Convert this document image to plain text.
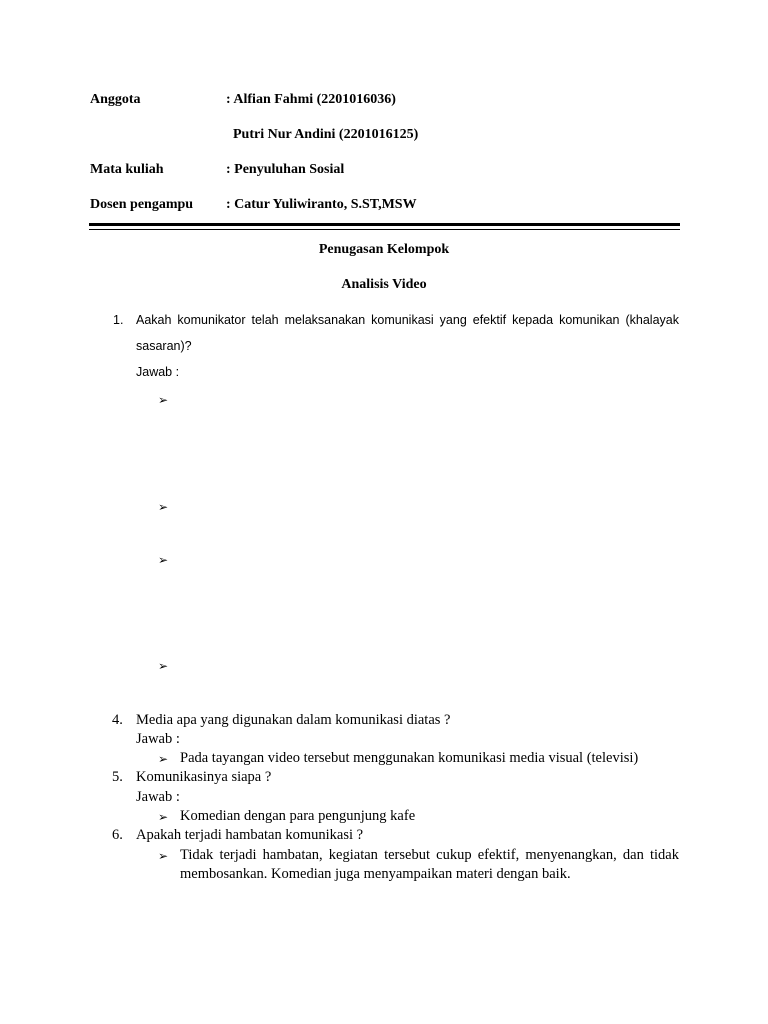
Anggota	: Alfian Fahmi (2201016036)
Putri Nur Andini (2201016125)
Mata kuliah	: Penyuluhan Sosial
Dosen pengampu : Catur Yuliwiranto, S.ST,MSW
Penugasan Kelompok
Analisis Video
1. Aakah komunikator telah melaksanakan komunikasi yang efektif kepada komunikan (khalayak
sasaran)?
Jawab :
➢
➢
➢
➢
4. Media apa yang digunakan dalam komunikasi diatas ?
Jawab :
➢ Pada tayangan video tersebut menggunakan komunikasi media visual (televisi)
5. Komunikasinya siapa ?
Jawab :
➢ Komedian dengan para pengunjung kafe
6. Apakah terjadi hambatan komunikasi ?
➢ Tidak terjadi hambatan, kegiatan tersebut cukup efektif, menyenangkan, dan tidak
membosankan. Komedian juga menyampaikan materi dengan baik.
